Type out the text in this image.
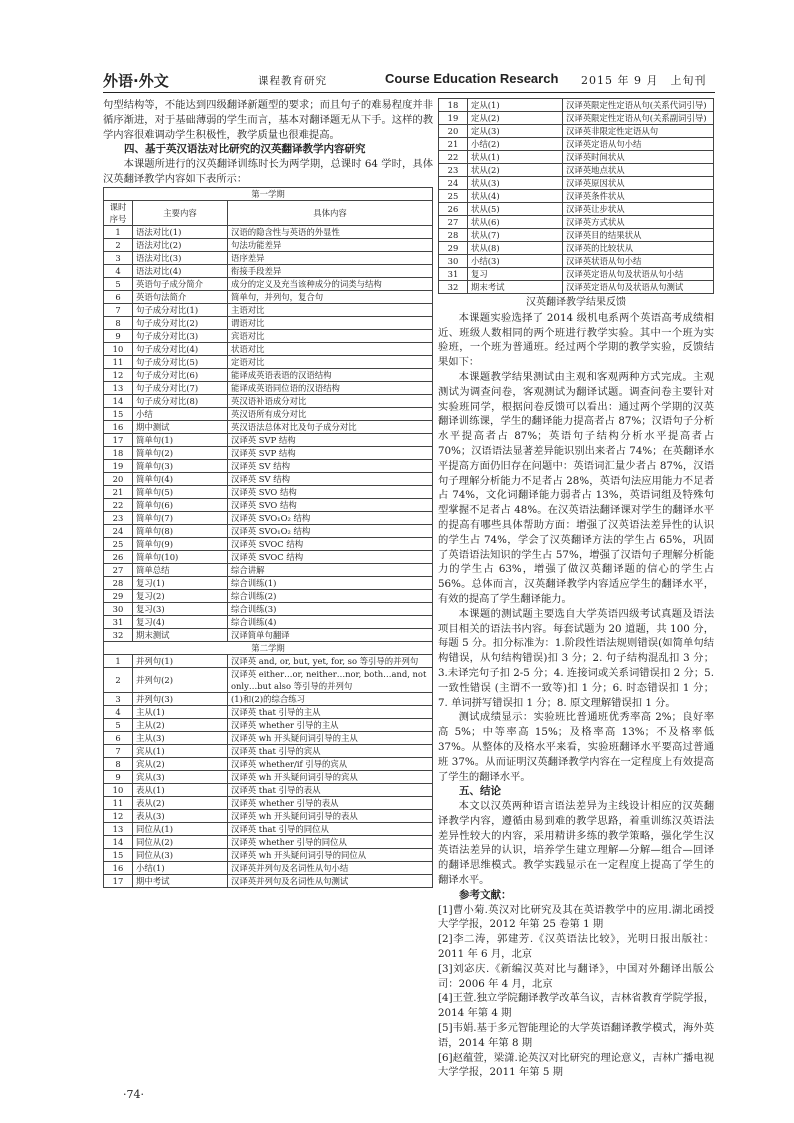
外语·外文	课程教育研究	Course Education Research 2015 年 9 月　上旬刊

句型结构等，不能达到四级翻译新题型的要求；而且句子的难易程度并非循序渐进，对于基础薄弱的学生而言，基本对翻译题无从下手。这样的教学内容很难调动学生积极性，教学质量也很难提高。

四、基于英汉语法对比研究的汉英翻译教学内容研究

本课题所进行的汉英翻译训练时长为两学期，总课时 64 学时，具体汉英翻译教学内容如下表所示：

第一学期		
课时序号	主要内容	具体内容
1	语法对比(1)	汉语的隐含性与英语的外显性
2	语法对比(2)	句法功能差异
3	语法对比(3)	语序差异
4	语法对比(4)	衔接手段差异
5	英语句子成分简介	成分的定义及充当该种成分的词类与结构
6	英语句法简介	简单句，并列句，复合句
7	句子成分对比(1)	主语对比
8	句子成分对比(2)	谓语对比
9	句子成分对比(3)	宾语对比
10	句子成分对比(4)	状语对比
11	句子成分对比(5)	定语对比
12	句子成分对比(6)	能译成英语表语的汉语结构
13	句子成分对比(7)	能译成英语同位语的汉语结构
14	句子成分对比(8)	英汉语补语成分对比
15	小结	英汉语所有成分对比
16	期中测试	英汉语法总体对比及句子成分对比
17	简单句(1)	汉译英 SVP 结构
18	简单句(2)	汉译英 SVP 结构
19	简单句(3)	汉译英 SV 结构
20	简单句(4)	汉译英 SV 结构
21	简单句(5)	汉译英 SVO 结构
22	简单句(6)	汉译英 SVO 结构
23	简单句(7)	汉译英 SVO₁O₂ 结构
24	简单句(8)	汉译英 SVO₁O₂ 结构
25	简单句(9)	汉译英 SVOC 结构
26	简单句(10)	汉译英 SVOC 结构
27	简单总结	综合讲解
28	复习(1)	综合训练(1)
29	复习(2)	综合训练(2)
30	复习(3)	综合训练(3)
31	复习(4)	综合训练(4)
32	期末测试	汉译简单句翻译
第二学期		
1	并列句(1)	汉译英 and, or, but, yet, for, so 等引导的并列句
2	并列句(2)	汉译英 either…or, neither…nor, both…and, not only…but also 等引导的并列句
3	并列句(3)	(1)和(2)的综合练习
4	主从(1)	汉译英 that 引导的主从
5	主从(2)	汉译英 whether 引导的主从
6	主从(3)	汉译英 wh 开头疑问词引导的主从
7	宾从(1)	汉译英 that 引导的宾从
8	宾从(2)	汉译英 whether/if 引导的宾从
9	宾从(3)	汉译英 wh 开头疑问词引导的宾从
10	表从(1)	汉译英 that 引导的表从
11	表从(2)	汉译英 whether 引导的表从
12	表从(3)	汉译英 wh 开头疑问词引导的表从
13	同位从(1)	汉译英 that 引导的同位从
14	同位从(2)	汉译英 whether 引导的同位从
15	同位从(3)	汉译英 wh 开头疑问词引导的同位从
16	小结(1)	汉译英并列句及名词性从句小结
17	期中考试	汉译英并列句及名词性从句测试
18	定从(1)	汉译英限定性定语从句(关系代词引导)
19	定从(2)	汉译英限定性定语从句(关系副词引导)
20	定从(3)	汉译英非限定性定语从句
21	小结(2)	汉译英定语从句小结
22	状从(1)	汉译英时间状从
23	状从(2)	汉译英地点状从
24	状从(3)	汉译英原因状从
25	状从(4)	汉译英条件状从
26	状从(5)	汉译英让步状从
27	状从(6)	汉译英方式状从
28	状从(7)	汉译英目的结果状从
29	状从(8)	汉译英的比较状从
30	小结(3)	汉译英状语从句小结
31	复习	汉译英定语从句及状语从句小结
32	期末考试	汉译英定语从句及状语从句测试

汉英翻译教学结果反馈

本课题实验选择了 2014 级机电系两个英语高考成绩相近、班级人数相同的两个班进行教学实验。其中一个班为实验班，一个班为普通班。经过两个学期的教学实验，反馈结果如下：

本课题教学结果测试由主观和客观两种方式完成。主观测试为调查问卷，客观测试为翻译试题。调查问卷主要针对实验班同学，根据问卷反馈可以看出：通过两个学期的汉英翻译训练课，学生的翻译能力提高者占 87%；汉语句子分析水平提高者占 87%；英语句子结构分析水平提高者占 70%；汉语语法显著差异能识别出来者占 74%；在英翻译水平提高方面仍旧存在问题中：英语词汇量少者占 87%，汉语句子理解分析能力不足者占 28%，英语句法应用能力不足者占 74%，文化词翻译能力弱者占 13%，英语词组及特殊句型掌握不足者占 48%。在汉英语法翻译课对学生的翻译水平的提高有哪些具体帮助方面：增强了汉英语法差异性的认识的学生占 74%，学会了汉英翻译方法的学生占 65%，巩固了英语语法知识的学生占 57%，增强了汉语句子理解分析能力的学生占 63%，增强了做汉英翻译题的信心的学生占 56%。总体而言，汉英翻译教学内容适应学生的翻译水平，有效的提高了学生翻译能力。

本课题的测试题主要选自大学英语四级考试真题及语法项目相关的语法书内容。每套试题为 20 道题，共 100 分，每题 5 分。扣分标准为：1.阶段性语法规则错误(如简单句结构错误，从句结构错误)扣 3 分；2. 句子结构混乱扣 3 分；3.未译完句子扣 2-5 分；4. 连接词或关系词错误扣 2 分；5. 一致性错误 (主谓不一致等)扣 1 分；6. 时态错误扣 1 分；7. 单词拼写错误扣 1 分；8. 原文理解错误扣 1 分。

测试成绩显示：实验班比普通班优秀率高 2%；良好率高 5%；中等率高 15%；及格率高 13%；不及格率低 37%。从整体的及格水平来看，实验班翻译水平要高过普通班 37%。从而证明汉英翻译教学内容在一定程度上有效提高了学生的翻译水平。

五、结论

本文以汉英两种语言语法差异为主线设计相应的汉英翻译教学内容，遵循由易到难的教学思路，着重训练汉英语法差异性较大的内容，采用精讲多练的教学策略，强化学生汉英语法差异的认识，培养学生建立理解—分解—组合—回译的翻译思维模式。教学实践显示在一定程度上提高了学生的翻译水平。

参考文献：

[1]曹小菊.英汉对比研究及其在英语教学中的应用.湖北函授大学学报，2012 年第 25 卷第 1 期

[2]李二涛，郭建芳.《汉英语法比较》，光明日报出版社：2011 年 6 月，北京

[3]刘宓庆.《新编汉英对比与翻译》，中国对外翻译出版公司：2006 年 4 月，北京

[4]王萱.独立学院翻译教学改革刍议，吉林省教育学院学报，2014 年第 4 期

[5]韦娟.基于多元智能理论的大学英语翻译教学模式，海外英语，2014 年第 8 期

[6]赵蕴萱，梁潇.论英汉对比研究的理论意义，吉林广播电视大学学报，2011 年第 5 期

·74·
